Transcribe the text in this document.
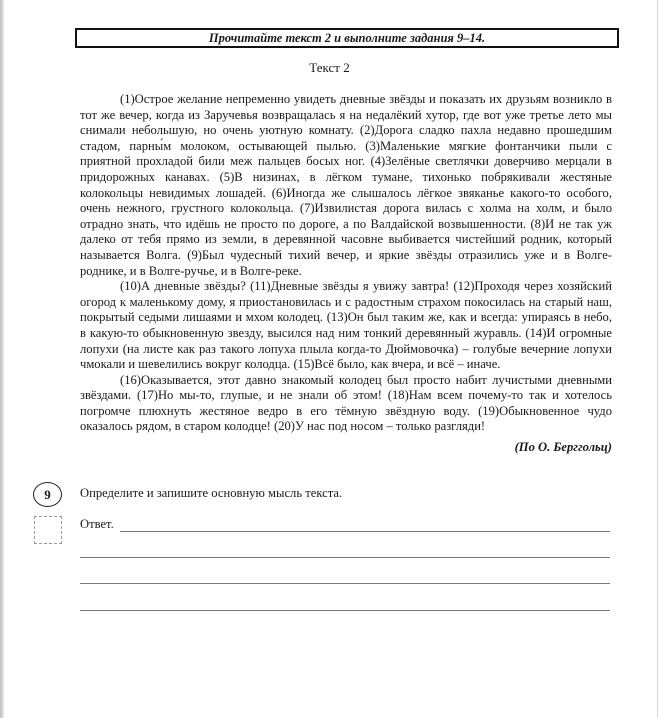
Прочитайте текст 2 и выполните задания 9–14.
Текст 2

(1)Острое желание непременно увидеть дневные звёзды и показать их друзьям возникло в тот же вечер, когда из Заручевья возвращалась я на недалёкий хутор, где вот уже третье лето мы снимали небольшую, но очень уютную комнату. (2)Дорога сладко пахла недавно прошедшим стадом, парны́м молоком, остывающей пылью. (3)Маленькие мягкие фонтанчики пыли с приятной прохладой били меж пальцев босых ног. (4)Зелёные светлячки доверчиво мерцали в придорожных канавах. (5)В низинах, в лёгком тумане, тихонько побрякивали жестяные колокольцы невидимых лошадей. (6)Иногда же слышалось лёгкое звяканье какого-то особого, очень нежного, грустного колокольца. (7)Извилистая дорога вилась с холма на холм, и было отрадно знать, что идёшь не просто по дороге, а по Валдайской возвышенности. (8)И не так уж далеко от тебя прямо из земли, в деревянной часовне выбивается чистейший родник, который называется Волга. (9)Был чудесный тихий вечер, и яркие звёзды отразились уже и в Волге-роднике, и в Волге-ручье, и в Волге-реке.

(10)А дневные звёзды? (11)Дневные звёзды я увижу завтра! (12)Проходя через хозяйский огород к маленькому дому, я приостановилась и с радостным страхом покосилась на старый наш, покрытый седыми лишаями и мхом колодец. (13)Он был таким же, как и всегда: упираясь в небо, в какую-то обыкновенную звезду, высился над ним тонкий деревянный журавль. (14)И огромные лопухи (на листе как раз такого лопуха плыла когда-то Дюймовочка) – голубые вечерние лопухи чмокали и шевелились вокруг колодца. (15)Всё было, как вчера, и всё – иначе.

(16)Оказывается, этот давно знакомый колодец был просто набит лучистыми дневными звёздами. (17)Но мы-то, глупые, и не знали об этом! (18)Нам всем почему-то так и хотелось погромче плюхнуть жестяное ведро в его тёмную звёздную воду. (19)Обыкновенное чудо оказалось рядом, в старом колодце! (20)У нас под носом – только разгляди!

(По О. Берггольц)
9	Определите и запишите основную мысль текста.
Ответ.
